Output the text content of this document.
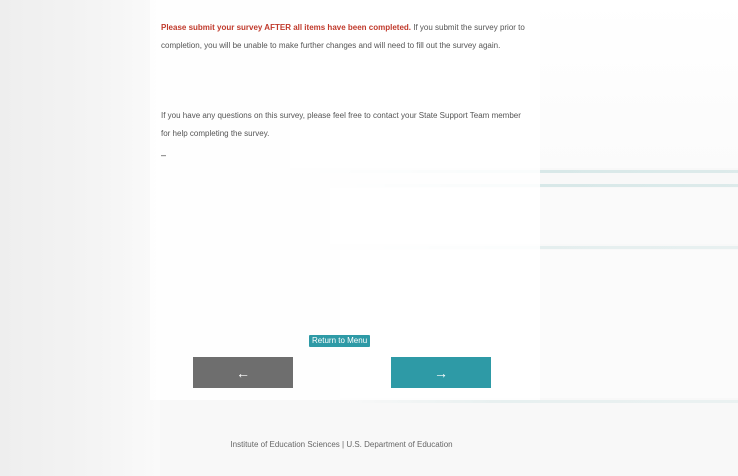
Please submit your survey AFTER all items have been completed. If you submit the survey prior to completion, you will be unable to make further changes and will need to fill out the survey again.

If you have any questions on this survey, please feel free to contact your State Support Team member for help completing the survey.

–
Return to Menu
←	→
Institute of Education Sciences | U.S. Department of Education
